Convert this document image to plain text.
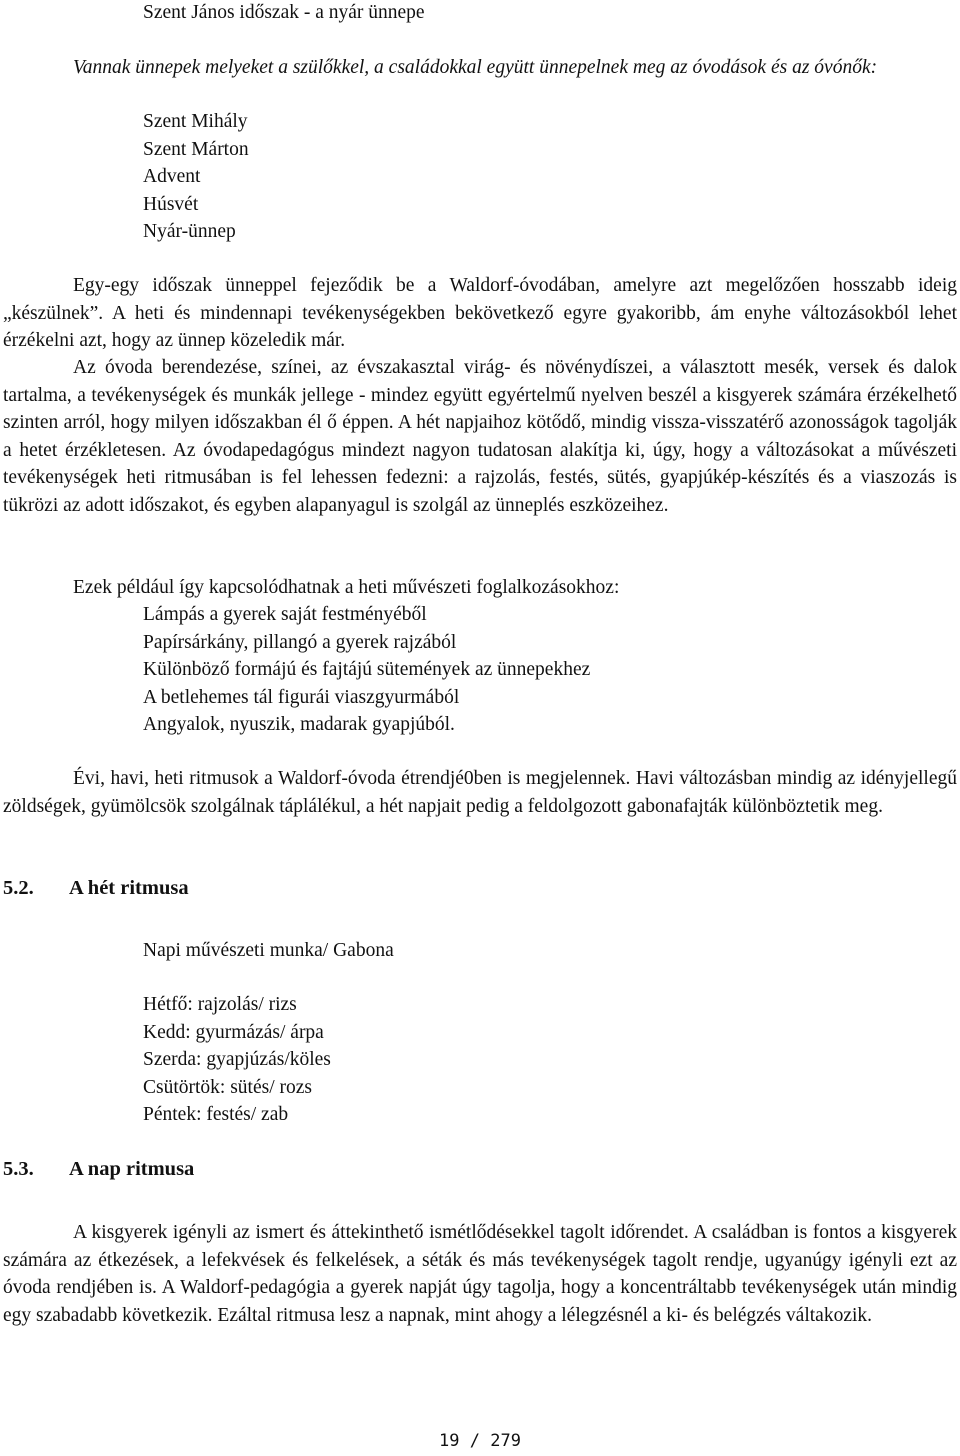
Szent János időszak - a nyár ünnepe
Vannak ünnepek melyeket a szülőkkel, a családokkal együtt ünnepelnek meg az óvodások és az óvónők:
Szent Mihály
Szent Márton
Advent
Húsvét
Nyár-ünnep
Egy-egy időszak ünneppel fejeződik be a Waldorf-óvodában, amelyre azt megelőzően hosszabb ideig „készülnek”. A heti és mindennapi tevékenységekben bekövetkező egyre gyakoribb, ám enyhe változásokból lehet érzékelni azt, hogy az ünnep közeledik már.
Az óvoda berendezése, színei, az évszakasztal virág- és növénydíszei, a választott mesék, versek és dalok tartalma, a tevékenységek és munkák jellege - mindez együtt egyértelmű nyelven beszél a kisgyerek számára érzékelhető szinten arról, hogy milyen időszakban él ő éppen. A hét napjaihoz kötődő, mindig vissza-visszatérő azonosságok tagolják a hetet érzékletesen. Az óvodapedagógus mindezt nagyon tudatosan alakítja ki, úgy, hogy a változásokat a művészeti tevékenységek heti ritmusában is fel lehessen fedezni: a rajzolás, festés, sütés, gyapjúkép-készítés és a viaszozás is tükrözi az adott időszakot, és egyben alapanyagul is szolgál az ünneplés eszközeihez.
Ezek például így kapcsolódhatnak a heti művészeti foglalkozásokhoz:
Lámpás a gyerek saját festményéből
Papírsárkány, pillangó a gyerek rajzából
Különböző formájú és fajtájú sütemények az ünnepekhez
A betlehemes tál figurái viaszgyurmából
Angyalok, nyuszik, madarak gyapjúból.
Évi, havi, heti ritmusok a Waldorf-óvoda étrendjé0ben is megjelennek. Havi változásban mindig az idényjellegű zöldségek, gyümölcsök szolgálnak táplálékul, a hét napjait pedig a feldolgozott gabonafajták különböztetik meg.
5.2. A hét ritmusa
Napi művészeti munka/ Gabona
Hétfő: rajzolás/ rizs
Kedd: gyurmázás/ árpa
Szerda: gyapjúzás/köles
Csütörtök: sütés/ rozs
Péntek: festés/ zab
5.3. A nap ritmusa
A kisgyerek igényli az ismert és áttekinthető ismétlődésekkel tagolt időrendet. A családban is fontos a kisgyerek számára az étkezések, a lefekvések és felkelések, a séták és más tevékenységek tagolt rendje, ugyanúgy igényli ezt az óvoda rendjében is. A Waldorf-pedagógia a gyerek napját úgy tagolja, hogy a koncentráltabb tevékenységek után mindig egy szabadabb következik. Ezáltal ritmusa lesz a napnak, mint ahogy a lélegzésnél a ki- és belégzés váltakozik.
19 / 279
